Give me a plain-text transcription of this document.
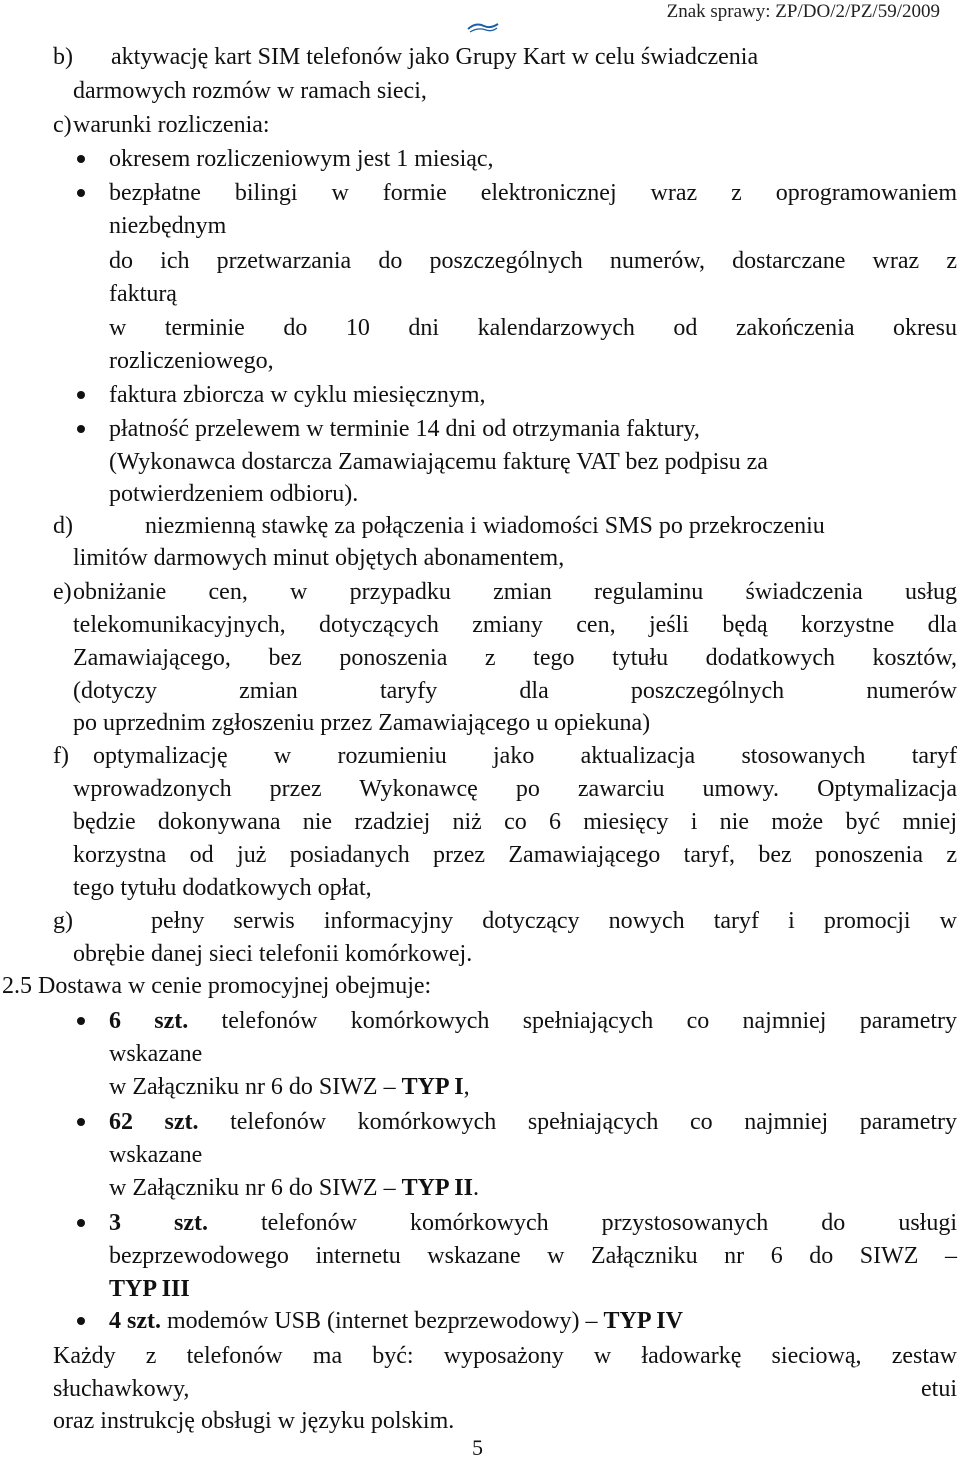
Znak sprawy: ZP/DO/2/PZ/59/2009
b) aktywację kart SIM telefonów jako Grupy Kart w celu świadczenia
darmowych rozmów w ramach sieci,
c) warunki rozliczenia:
okresem rozliczeniowym jest 1 miesiąc,
bezpłatne bilingi w formie elektronicznej wraz z oprogramowaniem
niezbędnym
do ich przetwarzania do poszczególnych numerów, dostarczane wraz z
fakturą
w terminie do 10 dni kalendarzowych od zakończenia okresu
rozliczeniowego,
faktura zbiorcza w cyklu miesięcznym,
płatność przelewem w terminie 14 dni od otrzymania faktury,
(Wykonawca dostarcza Zamawiającemu fakturę VAT bez podpisu za
potwierdzeniem odbioru).
d)	niezmienną stawkę za połączenia i wiadomości SMS po przekroczeniu
limitów darmowych minut objętych abonamentem,
e) obniżanie cen, w przypadku zmian regulaminu świadczenia usług
telekomunikacyjnych, dotyczących zmiany cen, jeśli będą korzystne dla
Zamawiającego, bez ponoszenia z tego tytułu dodatkowych kosztów,
(dotyczy zmian taryfy dla poszczególnych numerów
po uprzednim zgłoszeniu przez Zamawiającego u opiekuna)
f) optymalizację w rozumieniu jako aktualizacja stosowanych taryf
wprowadzonych przez Wykonawcę po zawarciu umowy. Optymalizacja
będzie dokonywana nie rzadziej niż co 6 miesięcy i nie może być mniej
korzystna od już posiadanych przez Zamawiającego taryf, bez ponoszenia z
tego tytułu dodatkowych opłat,
g)	pełny serwis informacyjny dotyczący nowych taryf i promocji w
obrębie danej sieci telefonii komórkowej.
2.5 Dostawa w cenie promocyjnej obejmuje:
6 szt. telefonów komórkowych spełniających co najmniej parametry
wskazane
w Załączniku nr 6 do SIWZ – TYP I,
62 szt. telefonów komórkowych spełniających co najmniej parametry
wskazane
w Załączniku nr 6 do SIWZ – TYP II.
3 szt. telefonów komórkowych przystosowanych do usługi
bezprzewodowego internetu wskazane w Załączniku nr 6 do SIWZ –
TYP III
4 szt. modemów USB (internet bezprzewodowy) – TYP IV
Każdy z telefonów ma być: wyposażony w ładowarkę sieciową, zestaw
słuchawkowy,	etui
oraz instrukcję obsługi w języku polskim.
5
